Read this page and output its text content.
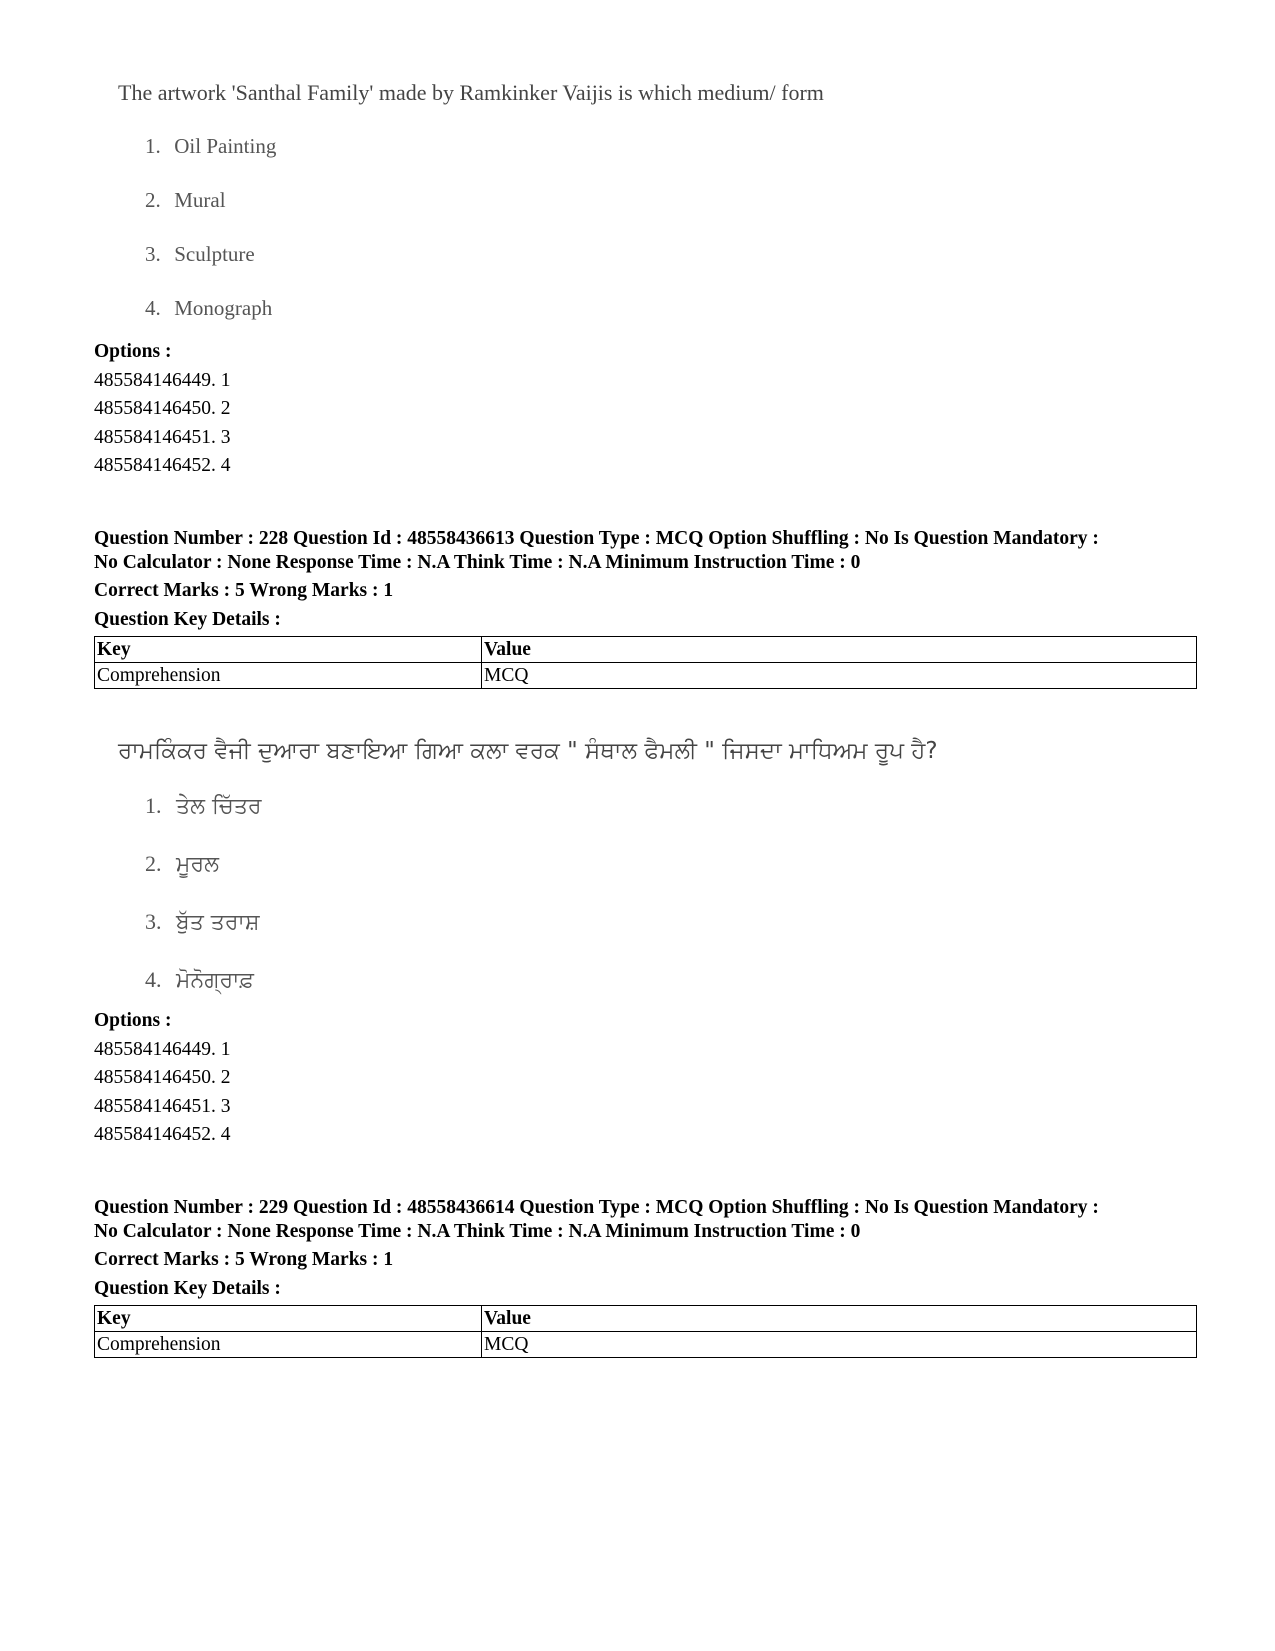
The artwork 'Santhal Family' made by Ramkinker Vaijis is which medium/ form
1. Oil Painting
2. Mural
3. Sculpture
4. Monograph
Options :
485584146449. 1
485584146450. 2
485584146451. 3
485584146452. 4
Question Number : 228 Question Id : 48558436613 Question Type : MCQ Option Shuffling : No Is Question Mandatory :
No Calculator : None Response Time : N.A Think Time : N.A Minimum Instruction Time : 0
Correct Marks : 5 Wrong Marks : 1
Question Key Details :
Key	Value
Comprehension	MCQ
ਰਾਮਕਿੰਕਰ ਵੈਜੀ ਦੁਆਰਾ ਬਣਾਇਆ ਗਿਆ ਕਲਾ ਵਰਕ " ਸੰਥਾਲ ਫੈਮਲੀ " ਜਿਸਦਾ ਮਾਧਿਅਮ ਰੂਪ ਹੈ?
1. ਤੇਲ ਚਿੱਤਰ
2. ਮੂਰਲ
3. ਬੁੱਤ ਤਰਾਸ਼
4. ਮੋਨੋਗ੍ਰਾਫ਼
Options :
485584146449. 1
485584146450. 2
485584146451. 3
485584146452. 4
Question Number : 229 Question Id : 48558436614 Question Type : MCQ Option Shuffling : No Is Question Mandatory :
No Calculator : None Response Time : N.A Think Time : N.A Minimum Instruction Time : 0
Correct Marks : 5 Wrong Marks : 1
Question Key Details :
Key	Value
Comprehension	MCQ
